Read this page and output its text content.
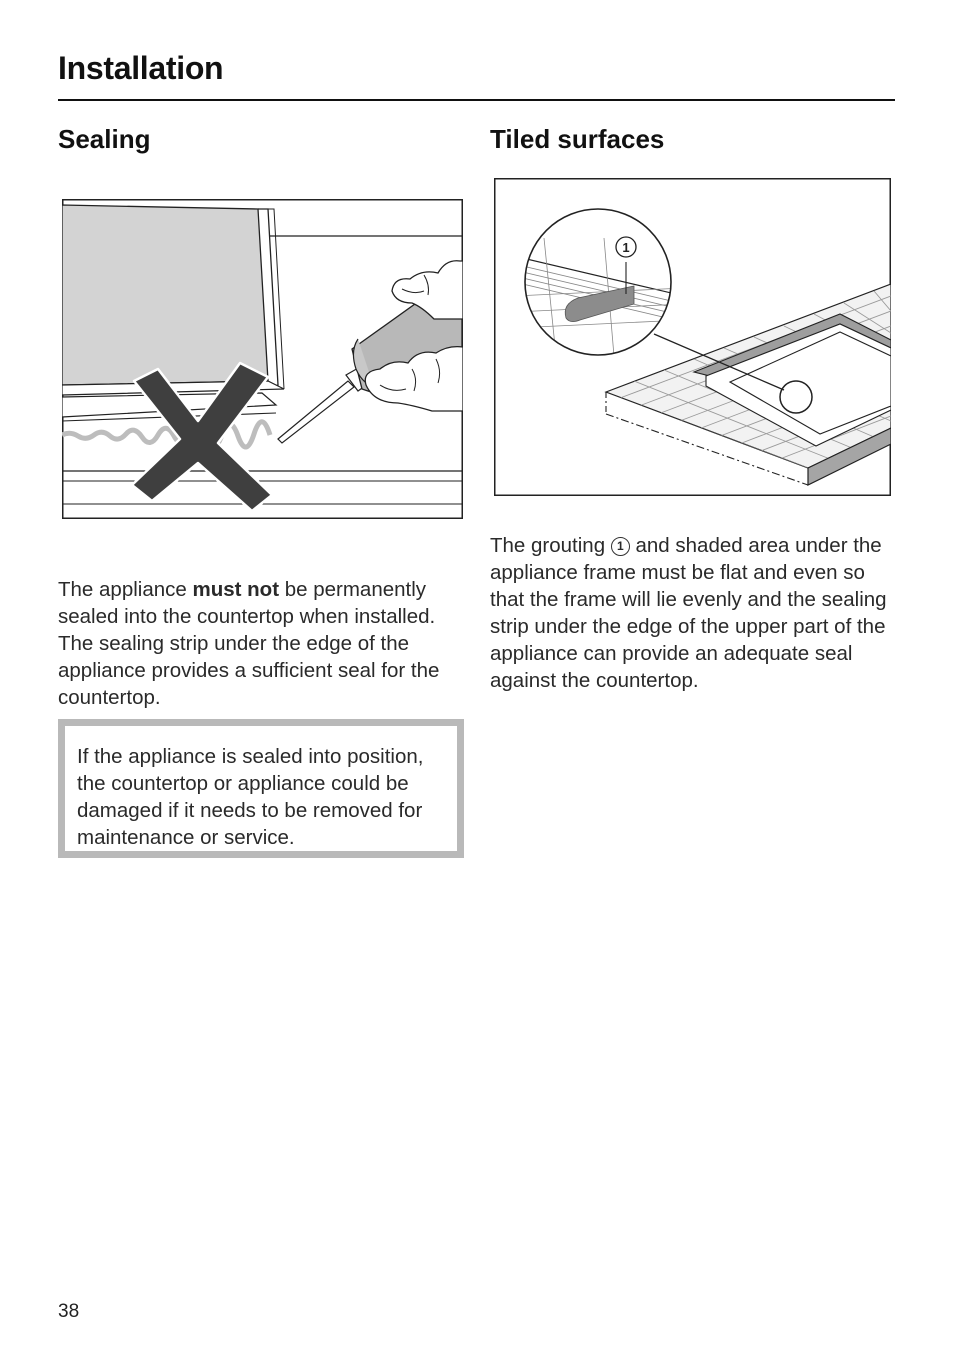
Installation
Sealing	Tiled surfaces
1
The appliance must not be permanently sealed into the countertop when installed. The sealing strip under the edge of the appliance provides a sufficient seal for the countertop.
If the appliance is sealed into position, the countertop or appliance could be damaged if it needs to be removed for maintenance or service.
The grouting 1 and shaded area under the appliance frame must be flat and even so that the frame will lie evenly and the sealing strip under the edge of the upper part of the appliance can provide an adequate seal against the countertop.
38
